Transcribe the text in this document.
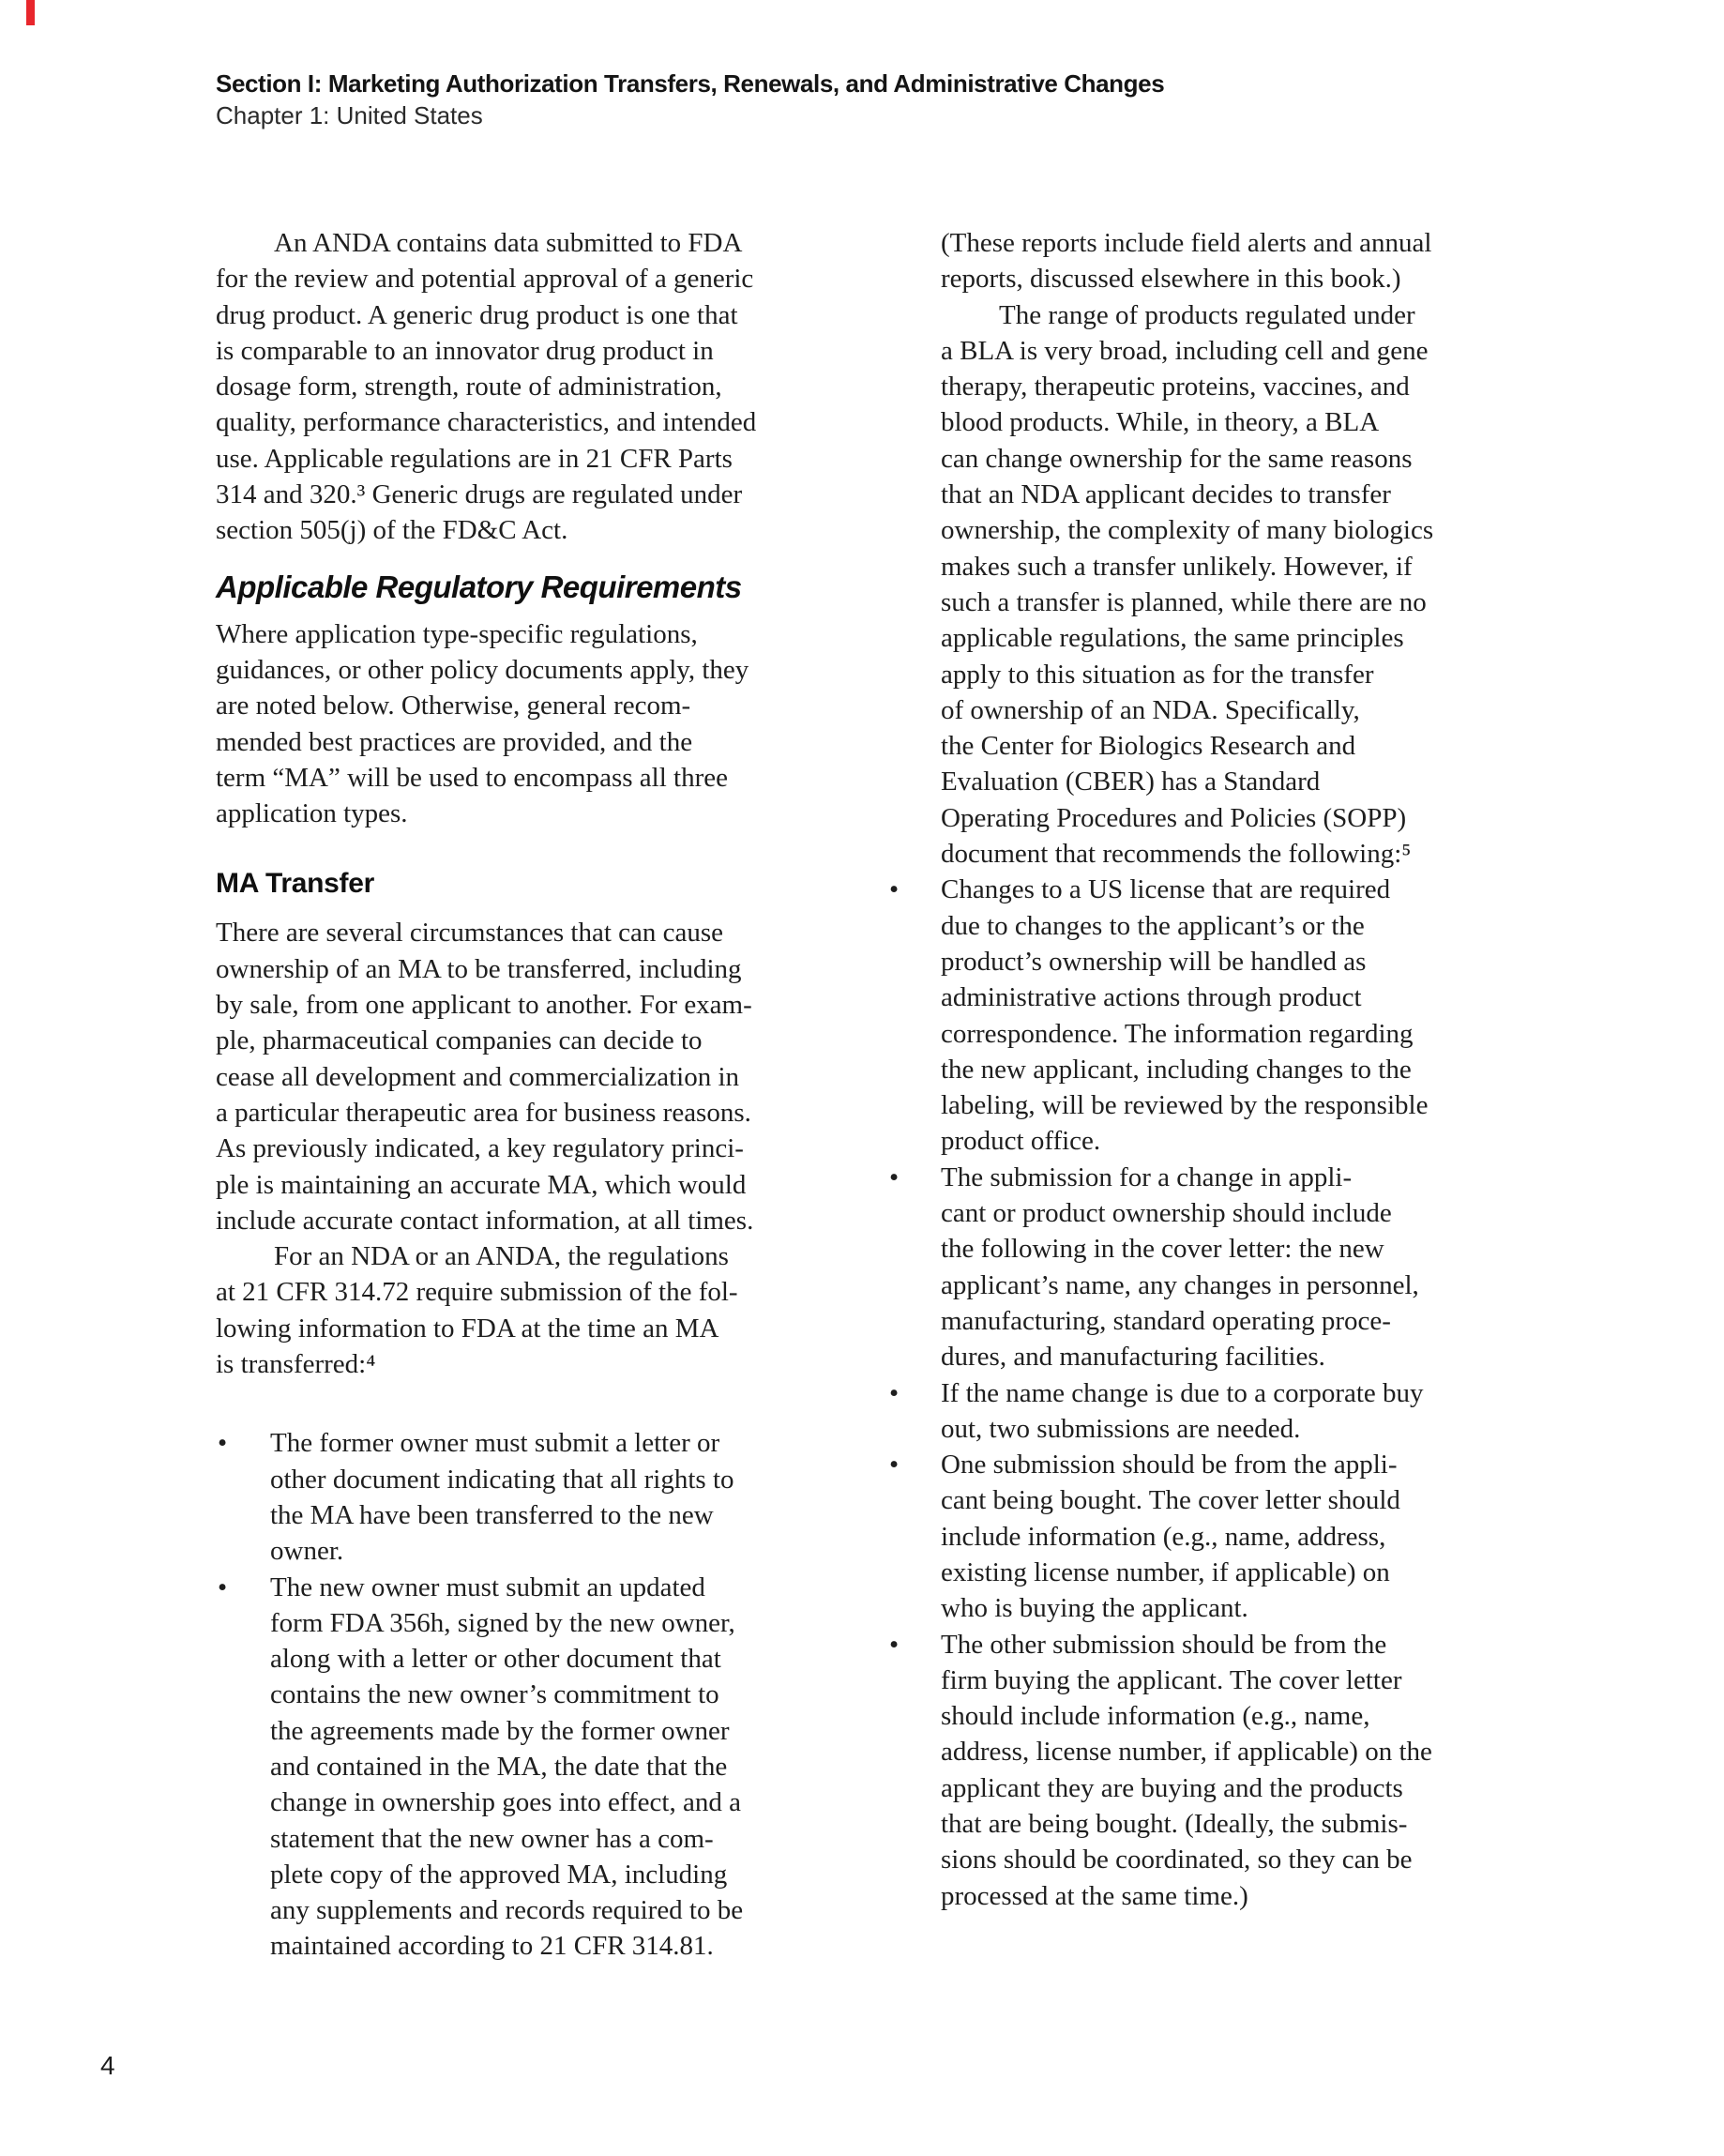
Section I: Marketing Authorization Transfers, Renewals, and Administrative Changes
Chapter 1: United States
An ANDA contains data submitted to FDA
for the review and potential approval of a generic
drug product. A generic drug product is one that
is comparable to an innovator drug product in
dosage form, strength, route of administration,
quality, performance characteristics, and intended
use. Applicable regulations are in 21 CFR Parts
314 and 320.³ Generic drugs are regulated under
section 505(j) of the FD&C Act.
Applicable Regulatory Requirements
Where application type-specific regulations,
guidances, or other policy documents apply, they
are noted below. Otherwise, general recom-
mended best practices are provided, and the
term “MA” will be used to encompass all three
application types.
MA Transfer
There are several circumstances that can cause
ownership of an MA to be transferred, including
by sale, from one applicant to another. For exam-
ple, pharmaceutical companies can decide to
cease all development and commercialization in
a particular therapeutic area for business reasons.
As previously indicated, a key regulatory princi-
ple is maintaining an accurate MA, which would
include accurate contact information, at all times.
For an NDA or an ANDA, the regulations
at 21 CFR 314.72 require submission of the fol-
lowing information to FDA at the time an MA
is transferred:⁴
• The former owner must submit a letter or
other document indicating that all rights to
the MA have been transferred to the new
owner.
• The new owner must submit an updated
form FDA 356h, signed by the new owner,
along with a letter or other document that
contains the new owner’s commitment to
the agreements made by the former owner
and contained in the MA, the date that the
change in ownership goes into effect, and a
statement that the new owner has a com-
plete copy of the approved MA, including
any supplements and records required to be
maintained according to 21 CFR 314.81.
(These reports include field alerts and annual
reports, discussed elsewhere in this book.)
The range of products regulated under
a BLA is very broad, including cell and gene
therapy, therapeutic proteins, vaccines, and
blood products. While, in theory, a BLA
can change ownership for the same reasons
that an NDA applicant decides to transfer
ownership, the complexity of many biologics
makes such a transfer unlikely. However, if
such a transfer is planned, while there are no
applicable regulations, the same principles
apply to this situation as for the transfer
of ownership of an NDA. Specifically,
the Center for Biologics Research and
Evaluation (CBER) has a Standard
Operating Procedures and Policies (SOPP)
document that recommends the following:⁵
• Changes to a US license that are required
due to changes to the applicant’s or the
product’s ownership will be handled as
administrative actions through product
correspondence. The information regarding
the new applicant, including changes to the
labeling, will be reviewed by the responsible
product office.
• The submission for a change in appli-
cant or product ownership should include
the following in the cover letter: the new
applicant’s name, any changes in personnel,
manufacturing, standard operating proce-
dures, and manufacturing facilities.
• If the name change is due to a corporate buy
out, two submissions are needed.
• One submission should be from the appli-
cant being bought. The cover letter should
include information (e.g., name, address,
existing license number, if applicable) on
who is buying the applicant.
• The other submission should be from the
firm buying the applicant. The cover letter
should include information (e.g., name,
address, license number, if applicable) on the
applicant they are buying and the products
that are being bought. (Ideally, the submis-
sions should be coordinated, so they can be
processed at the same time.)
4
